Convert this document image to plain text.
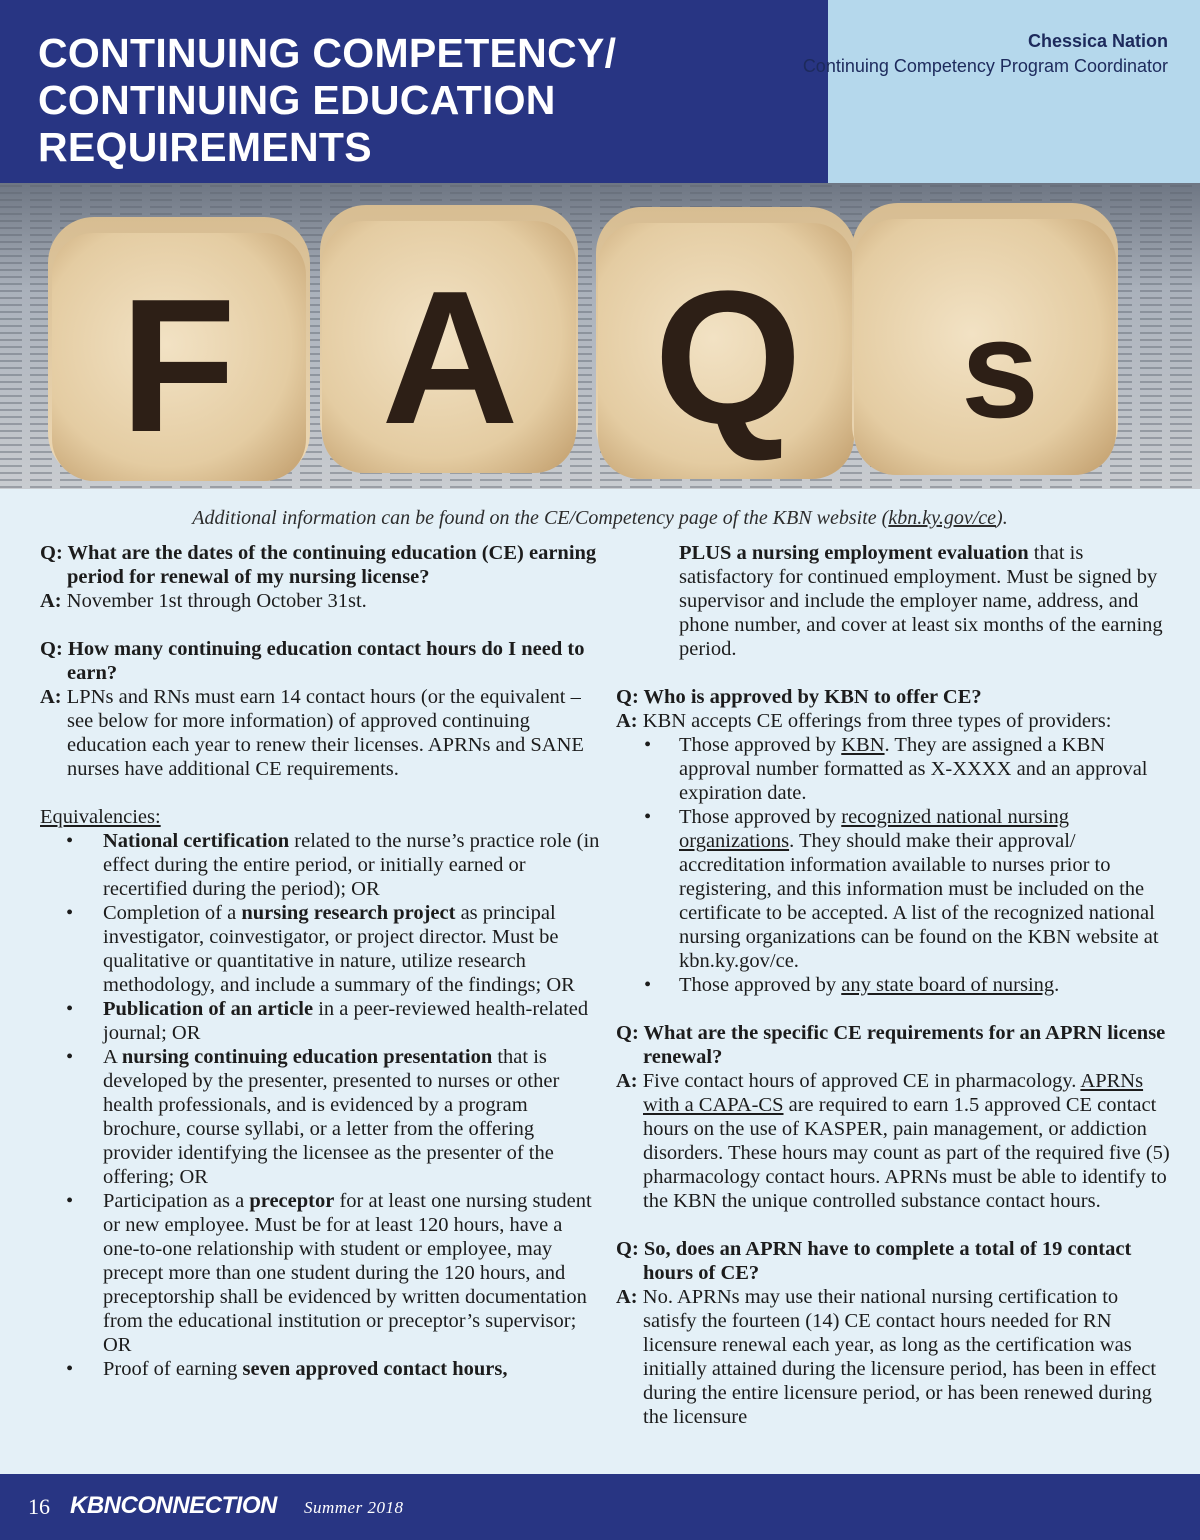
CONTINUING COMPETENCY/
CONTINUING EDUCATION
REQUIREMENTS
Chessica Nation
Continuing Competency Program Coordinator
F A Q s
Additional information can be found on the CE/Competency page of the KBN website (kbn.ky.gov/ce).
Q: What are the dates of the continuing education (CE) earning period for renewal of my nursing license?
A: November 1st through October 31st.
Q: How many continuing education contact hours do I need to earn?
A: LPNs and RNs must earn 14 contact hours (or the equivalent – see below for more information) of approved continuing education each year to renew their licenses. APRNs and SANE nurses have additional CE requirements.
Equivalencies:
• National certification related to the nurse’s practice role (in effect during the entire period, or initially earned or recertified during the period); OR
• Completion of a nursing research project as principal investigator, coinvestigator, or project director. Must be qualitative or quantitative in nature, utilize research methodology, and include a summary of the findings; OR
• Publication of an article in a peer-reviewed health-related journal; OR
• A nursing continuing education presentation that is developed by the presenter, presented to nurses or other health professionals, and is evidenced by a program brochure, course syllabi, or a letter from the offering provider identifying the licensee as the presenter of the offering; OR
• Participation as a preceptor for at least one nursing student or new employee. Must be for at least 120 hours, have a one-to-one relationship with student or employee, may precept more than one student during the 120 hours, and preceptorship shall be evidenced by written documentation from the educational institution or preceptor’s supervisor; OR
• Proof of earning seven approved contact hours,
PLUS a nursing employment evaluation that is satisfactory for continued employment. Must be signed by supervisor and include the employer name, address, and phone number, and cover at least six months of the earning period.
Q: Who is approved by KBN to offer CE?
A: KBN accepts CE offerings from three types of providers:
• Those approved by KBN. They are assigned a KBN approval number formatted as X-XXXX and an approval expiration date.
• Those approved by recognized national nursing organizations. They should make their approval/ accreditation information available to nurses prior to registering, and this information must be included on the certificate to be accepted. A list of the recognized national nursing organizations can be found on the KBN website at kbn.ky.gov/ce.
• Those approved by any state board of nursing.
Q: What are the specific CE requirements for an APRN license renewal?
A: Five contact hours of approved CE in pharmacology. APRNs with a CAPA-CS are required to earn 1.5 approved CE contact hours on the use of KASPER, pain management, or addiction disorders. These hours may count as part of the required five (5) pharmacology contact hours. APRNs must be able to identify to the KBN the unique controlled substance contact hours.
Q: So, does an APRN have to complete a total of 19 contact hours of CE?
A: No. APRNs may use their national nursing certification to satisfy the fourteen (14) CE contact hours needed for RN licensure renewal each year, as long as the certification was initially attained during the licensure period, has been in effect during the entire licensure period, or has been renewed during the licensure
16 KBNCONNECTION Summer 2018
